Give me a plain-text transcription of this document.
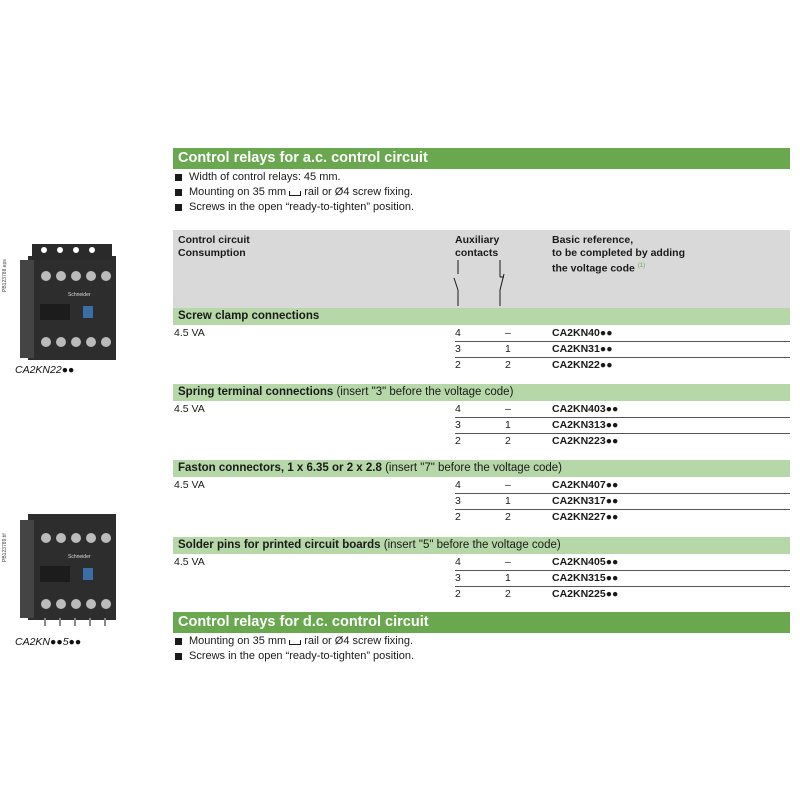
PB123788.eps
Schneider
CA2KN22●●
PB123789.tif	Schneider
CA2KN●●5●●
Control relays for a.c. control circuit
Width of control relays: 45 mm.
Mounting on 35 mm rail or Ø4 screw fixing.
Screws in the open “ready-to-tighten” position.
Control circuit
Consumption
Auxiliary
contacts
Basic reference,
to be completed by adding
the voltage code $^{(1)}$
Screw clamp connections
4.5 VA	4	–	CA2KN40●●
3	1	CA2KN31●●
2	2	CA2KN22●●
Spring terminal connections (insert "3" before the voltage code)
4.5 VA	4	–	CA2KN403●●
3	1	CA2KN313●●
2	2	CA2KN223●●
Faston connectors, 1 x 6.35 or 2 x 2.8 (insert "7" before the voltage code)
4.5 VA	4	–	CA2KN407●●
3	1	CA2KN317●●
2	2	CA2KN227●●
Solder pins for printed circuit boards (insert "5" before the voltage code)
4.5 VA	4	–	CA2KN405●●
3	1	CA2KN315●●
2	2	CA2KN225●●
Control relays for d.c. control circuit
Mounting on 35 mm rail or Ø4 screw fixing.
Screws in the open “ready-to-tighten” position.
